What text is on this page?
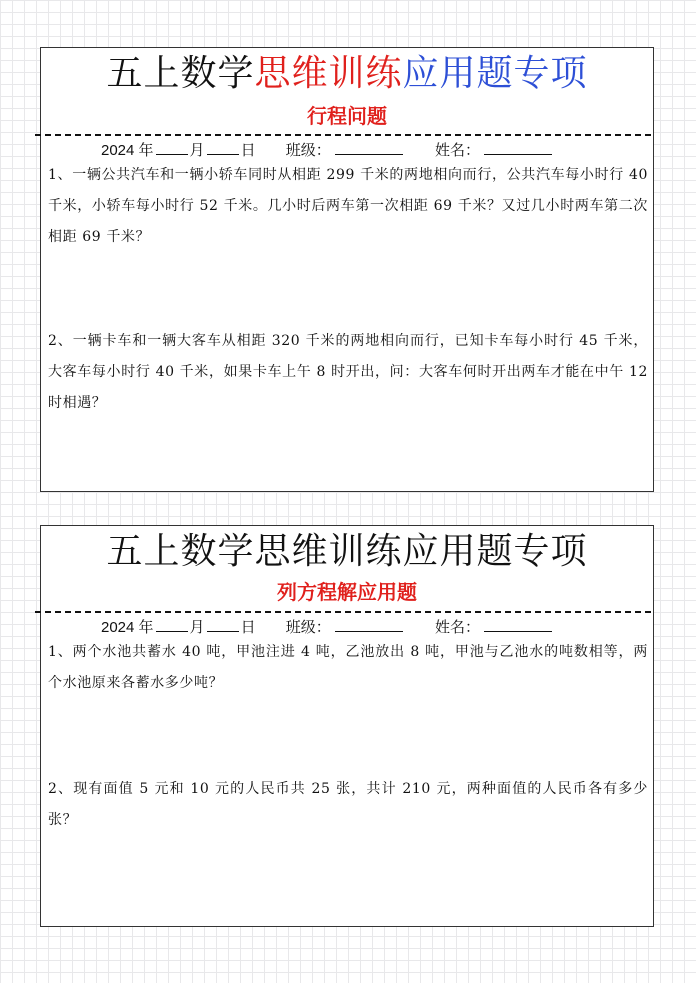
五上数学思维训练应用题专项
行程问题
2024 年 月 日 班级：	姓名：
1、一辆公共汽车和一辆小轿车同时从相距 299 千米的两地相向而行，公共汽车每小时行 40 千米，小轿车每小时行 52 千米。几小时后两车第一次相距 69 千米？又过几小时两车第二次相距 69 千米？
2、一辆卡车和一辆大客车从相距 320 千米的两地相向而行，已知卡车每小时行 45 千米，大客车每小时行 40 千米，如果卡车上午 8 时开出，问：大客车何时开出两车才能在中午 12 时相遇？
五上数学思维训练应用题专项
列方程解应用题
2024 年 月 日 班级：	姓名：
1、两个水池共蓄水 40 吨，甲池注进 4 吨，乙池放出 8 吨，甲池与乙池水的吨数相等，两个水池原来各蓄水多少吨？
2、现有面值 5 元和 10 元的人民币共 25 张，共计 210 元，两种面值的人民币各有多少张？
